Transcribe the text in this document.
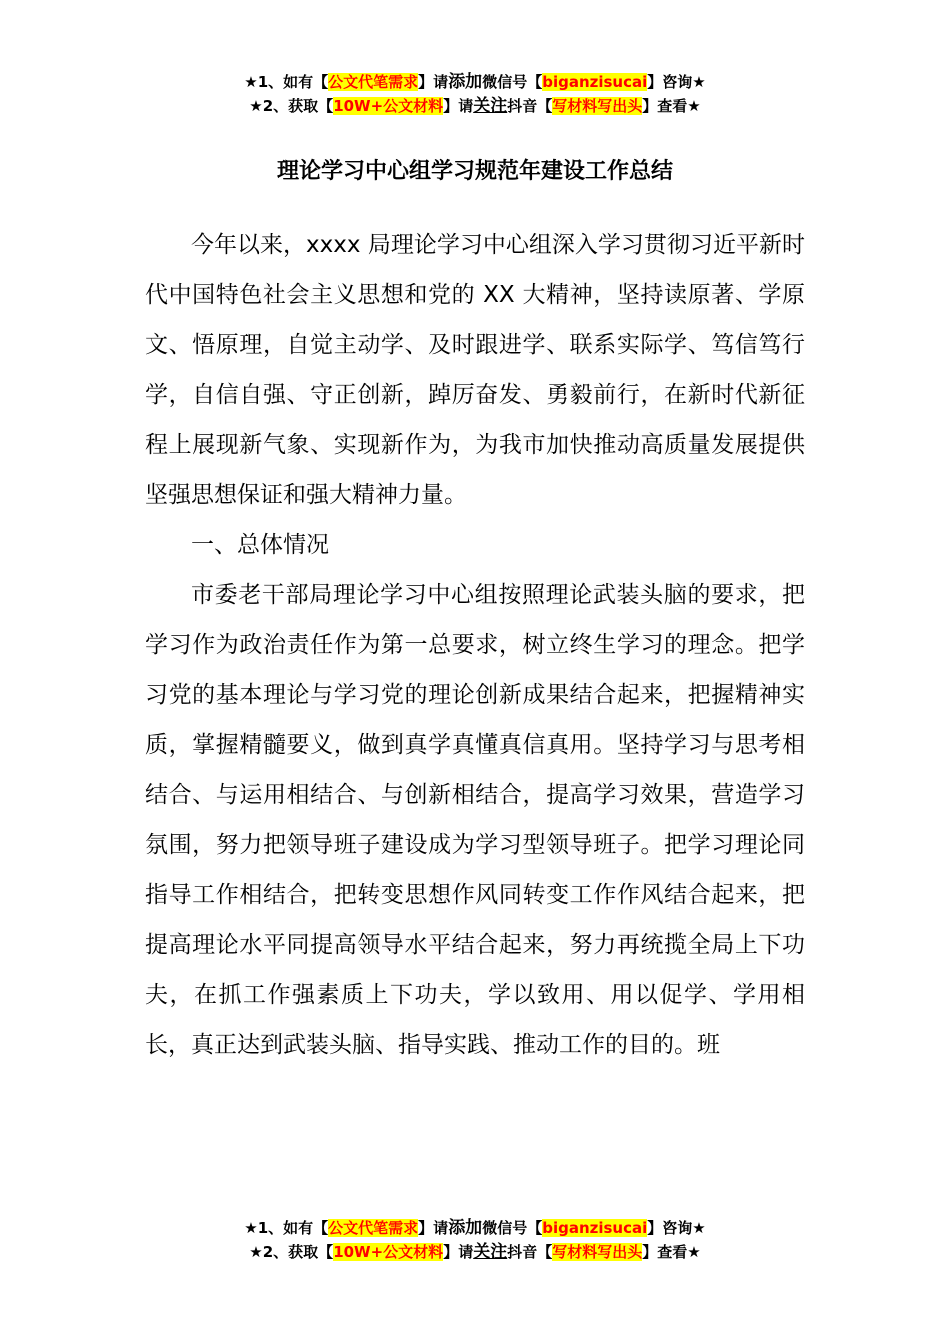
★1、如有【公文代笔需求】请添加微信号【biganzisucai】咨询★
★2、获取【10W+公文材料】请关注抖音【写材料写出头】查看★
理论学习中心组学习规范年建设工作总结

今年以来，xxxx 局理论学习中心组深入学习贯彻习近平新时代中国特色社会主义思想和党的 XX 大精神，坚持读原著、学原文、悟原理，自觉主动学、及时跟进学、联系实际学、笃信笃行学，自信自强、守正创新，踔厉奋发、勇毅前行，在新时代新征程上展现新气象、实现新作为，为我市加快推动高质量发展提供坚强思想保证和强大精神力量。

一、总体情况

市委老干部局理论学习中心组按照理论武装头脑的要求，把学习作为政治责任作为第一总要求，树立终生学习的理念。把学习党的基本理论与学习党的理论创新成果结合起来，把握精神实质，掌握精髓要义，做到真学真懂真信真用。坚持学习与思考相结合、与运用相结合、与创新相结合，提高学习效果，营造学习氛围，努力把领导班子建设成为学习型领导班子。把学习理论同指导工作相结合，把转变思想作风同转变工作作风结合起来，把提高理论水平同提高领导水平结合起来，努力再统揽全局上下功夫，在抓工作强素质上下功夫，学以致用、用以促学、学用相长，真正达到武装头脑、指导实践、推动工作的目的。班

★1、如有【公文代笔需求】请添加微信号【biganzisucai】咨询★
★2、获取【10W+公文材料】请关注抖音【写材料写出头】查看★
